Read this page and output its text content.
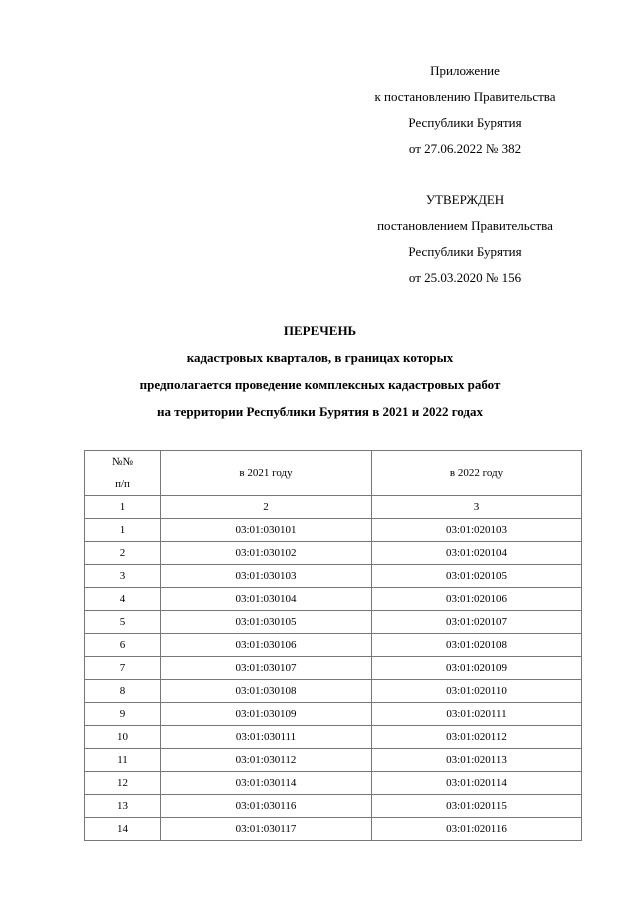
Приложение
к постановлению Правительства
Республики Бурятия
от 27.06.2022 № 382
УТВЕРЖДЕН
постановлением Правительства
Республики Бурятия
от 25.03.2020 № 156
ПЕРЕЧЕНЬ
кадастровых кварталов, в границах которых
предполагается проведение комплексных кадастровых работ
на территории Республики Бурятия в 2021 и 2022 годах
№№
п/п	в 2021 году	в 2022 году
1	2	3
1	03:01:030101	03:01:020103
2	03:01:030102	03:01:020104
3	03:01:030103	03:01:020105
4	03:01:030104	03:01:020106
5	03:01:030105	03:01:020107
6	03:01:030106	03:01:020108
7	03:01:030107	03:01:020109
8	03:01:030108	03:01:020110
9	03:01:030109	03:01:020111
10	03:01:030111	03:01:020112
11	03:01:030112	03:01:020113
12	03:01:030114	03:01:020114
13	03:01:030116	03:01:020115
14	03:01:030117	03:01:020116
